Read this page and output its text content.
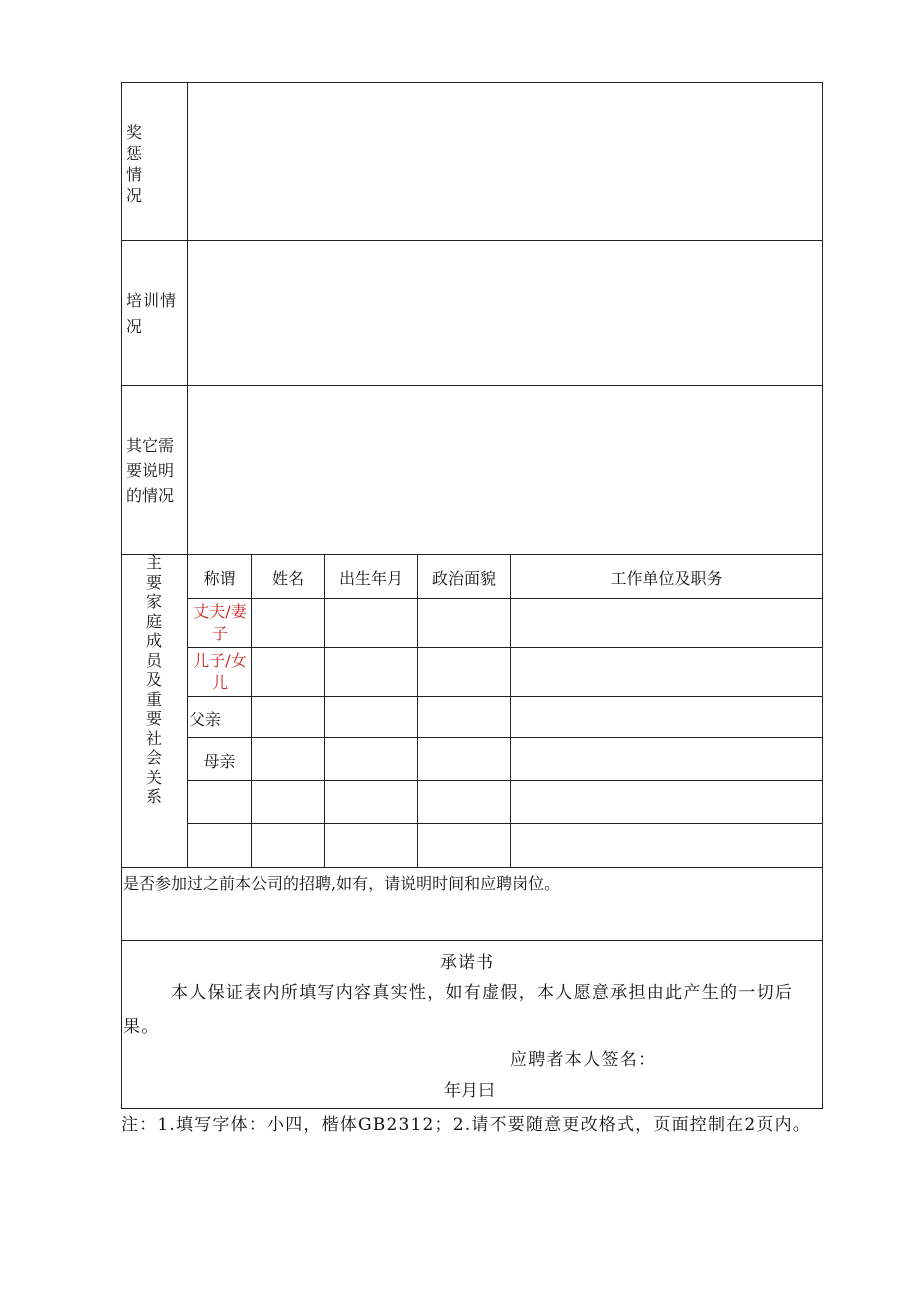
奖惩情况
培训情况
其它需要说明的情况
主要家庭成员及重要社会关系
称谓	姓名	出生年月	政治面貌	工作单位及职务
丈夫/妻子
儿子/女儿
父亲
母亲
是否参加过之前本公司的招聘,如有，请说明时间和应聘岗位。
承诺书
本人保证表内所填写内容真实性，如有虚假，本人愿意承担由此产生的一切后果。
应聘者本人签名：
年月曰
注：1.填写字体：小四，楷体GB2312；2.请不要随意更改格式，页面控制在2页内。
